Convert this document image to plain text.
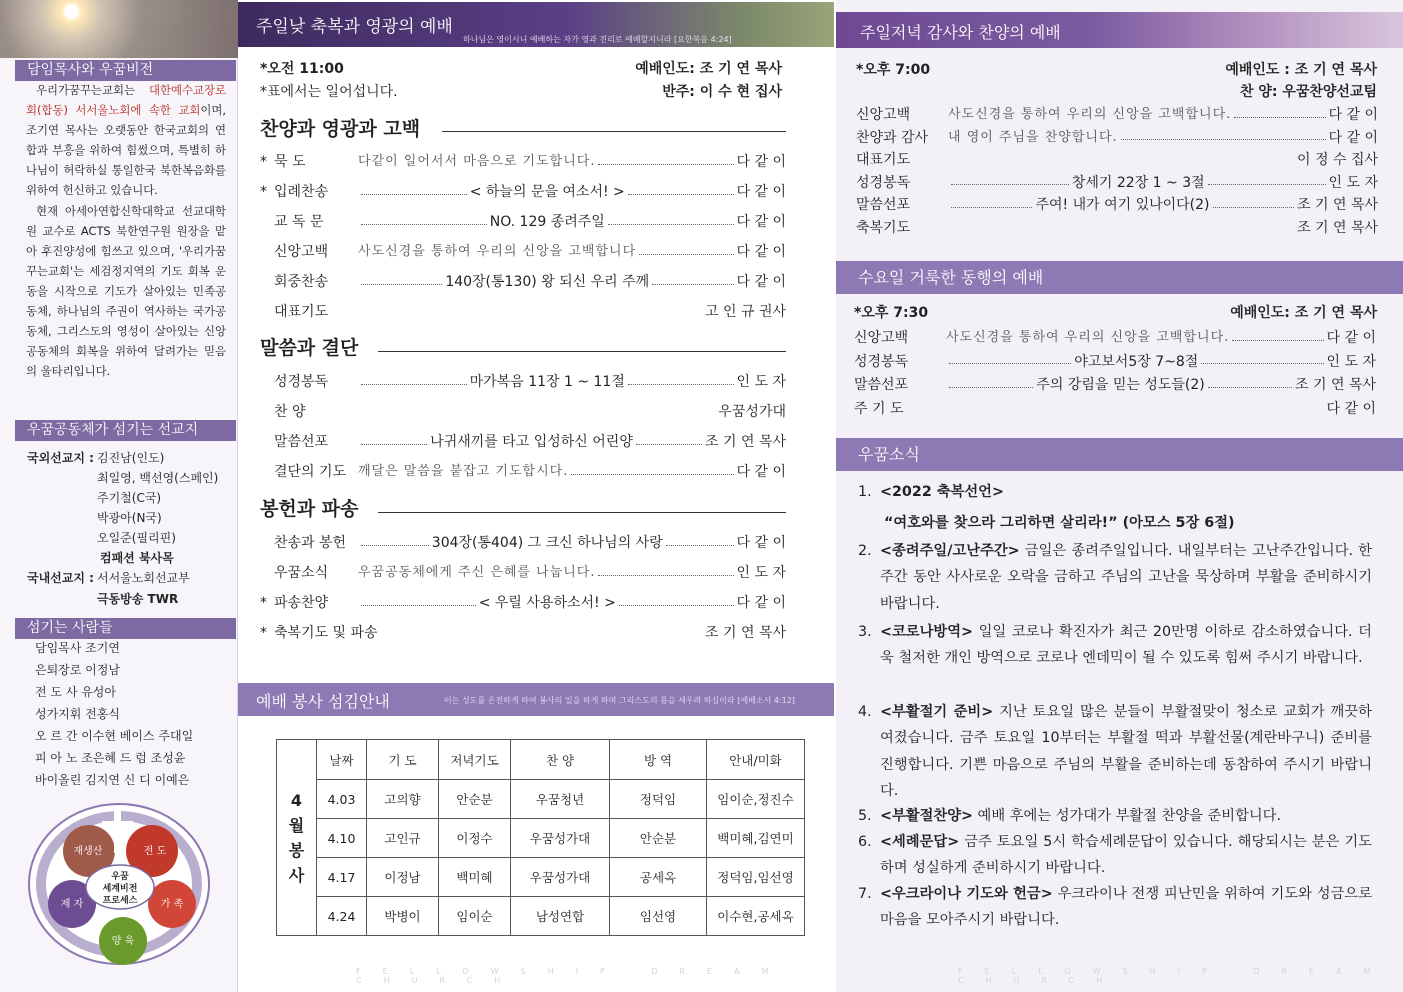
담임목사와 우꿈비전

우리가꿈꾸는교회는 대한예수교장로회(합동) 서서울노회에 속한 교회이며, 조기연 목사는 오랫동안 한국교회의 연합과 부흥을 위하여 힘썼으며, 특별히 하나님이 허락하실 통일한국 북한복음화를 위하여 헌신하고 있습니다.

현재 아세아연합신학대학교 선교대학원 교수로 ACTS 북한연구원 원장을 맡아 후진양성에 힘쓰고 있으며, '우리가꿈꾸는교회'는 세검정지역의 기도 회복 운동을 시작으로 기도가 살아있는 민족공동체, 하나님의 주권이 역사하는 국가공동체, 그리스도의 영성이 살아있는 신앙공동체의 회복을 위하여 달려가는 믿음의 울타리입니다.

우꿈공동체가 섬기는 선교지
국외선교지 : 김진남(인도)
최일영, 백선영(스페인)
주기철(C국)
박광아(N국)
오일준(필리핀)
컴패션 북사목
국내선교지 : 서서울노회선교부
극동방송 TWR
섬기는 사람들
담임목사 조기연
은퇴장로 이정남
전 도 사 유성아
성가지휘 전홍식
오 르 간 이수현 베이스 주대일
피 아 노 조은혜 드 럼 조성윤
바이올린 김지연 신 디 이예은
우꿈
세계비전
프로세스
재생산	전 도
가 족
양 육
제 자
주일낮 축복과 영광의 예배
하나님은 영이시니 예배하는 자가 영과 진리로 예배할지니라 [요한복음 4:24]
*오전 11:00	예배인도: 조 기 연 목사
*표에서는 일어섭니다.	반주: 이 수 현 집사
찬양과 영광과 고백
말씀과 결단
봉헌과 파송
예배 봉사 섬김안내	이는 성도를 온전하게 하여 봉사의 일을 하게 하며 그리스도의 몸을 세우려 하심이라 [에베소서 4:12]
4
월
봉
사	날짜	기 도	저녁기도	찬 양	방 역	안내/미화
	4.03	고의향	안순분	우꿈청년	정덕임	임이순,정진수
	4.10	고인규	이정수	우꿈성가대	안순분	백미혜,김연미
	4.17	이정남	백미혜	우꿈성가대	공세옥	정덕임,임선영
	4.24	박병이	임이순	남성연합	임선영	이수현,공세옥
FELLOWSHIP DREAM CHURCH
* 묵 도	다같이 일어서서 마음으로 기도합니다.	다 같 이
* 입례찬송	< 하늘의 문을 여소서! >	다 같 이
교 독 문	NO. 129 종려주일	다 같 이
신앙고백	사도신경을 통하여 우리의 신앙을 고백합니다	다 같 이
회중찬송	140장(통130) 왕 되신 우리 주께	다 같 이
대표기도	고 인 규 권사
성경봉독	마가복음 11장 1 ~ 11절	인 도 자
찬 양	우꿈성가대
말씀선포	나귀새끼를 타고 입성하신 어린양	조 기 연 목사
결단의 기도 깨달은 말씀을 붙잡고 기도합시다.	다 같 이
찬송과 봉헌	304장(통404) 그 크신 하나님의 사랑	다 같 이
우꿈소식	우꿈공동체에게 주신 은혜를 나눕니다.	인 도 자
* 파송찬양	< 우릴 사용하소서! >	다 같 이
* 축복기도 및 파송	조 기 연 목사
주일저녁 감사와 찬양의 예배
*오후 7:00	예배인도 : 조 기 연 목사
찬 양: 우꿈찬양선교팀
수요일 거룩한 동행의 예배
*오후 7:30	예배인도: 조 기 연 목사
우꿈소식
1. <2022 축복선언>
“여호와를 찾으라 그리하면 살리라!” (아모스 5장 6절)
2. <종려주일/고난주간> 금일은 종려주일입니다. 내일부터는 고난주간입니다. 한 주간 동안 사사로운 오락을 금하고 주님의 고난을 묵상하며 부활을 준비하시기 바랍니다.
3. <코로나방역> 일일 코로나 확진자가 최근 20만명 이하로 감소하였습니다. 더욱 철저한 개인 방역으로 코로나 엔데믹이 될 수 있도록 힘써 주시기 바랍니다.
4. <부활절기 준비> 지난 토요일 많은 분들이 부활절맞이 청소로 교회가 깨끗하여졌습니다. 금주 토요일 10부터는 부활절 떡과 부활선물(계란바구니) 준비를 진행합니다. 기쁜 마음으로 주님의 부활을 준비하는데 동참하여 주시기 바랍니다.
5. <부활절찬양> 예배 후에는 성가대가 부활절 찬양을 준비합니다.
6. <세례문답> 금주 토요일 5시 학습세례문답이 있습니다. 해당되시는 분은 기도하며 성실하게 준비하시기 바랍니다.
7. <우크라이나 기도와 헌금> 우크라이나 전쟁 피난민을 위하여 기도와 성금으로 마음을 모아주시기 바랍니다.
FELLOWSHIP DREAM CHURCH
신앙고백	사도신경을 통하여 우리의 신앙을 고백합니다.	다 같 이
찬양과 감사	내 영이 주님을 찬양합니다.	다 같 이
대표기도	이 정 수 집사
성경봉독	창세기 22장 1 ~ 3절	인 도 자
말씀선포	주여! 내가 여기 있나이다(2)	조 기 연 목사
축복기도	조 기 연 목사
신앙고백	사도신경을 통하여 우리의 신앙을 고백합니다.	다 같 이
성경봉독	야고보서5장 7~8절	인 도 자
말씀선포	주의 강림을 믿는 성도들(2)	조 기 연 목사
주 기 도	다 같 이
